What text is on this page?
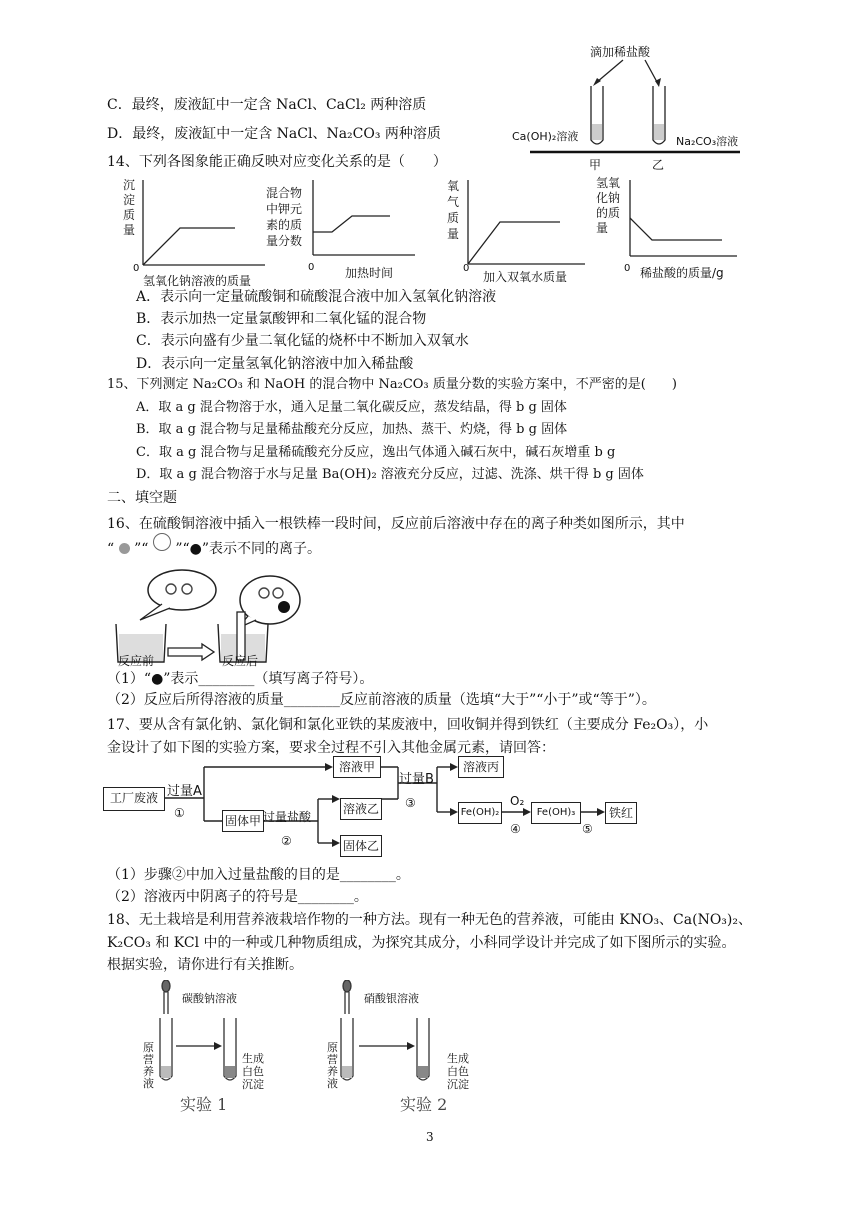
滴加稀盐酸
Ca(OH)₂溶液	Na₂CO₃溶液
甲	乙
C．最终，废液缸中一定含 NaCl、CaCl₂ 两种溶质
D．最终，废液缸中一定含 NaCl、Na₂CO₃ 两种溶质
14、下列各图象能正确反映对应变化关系的是（　　）
沉
淀
质
量
0
氢氧化钠溶液的质量
混合物
中钾元
素的质
量分数
0	加热时间
氧
气
质
量
0
加入双氧水质量
氢氧
化钠
的质
量
0 稀盐酸的质量/g
A．表示向一定量硫酸铜和硫酸混合液中加入氢氧化钠溶液
B．表示加热一定量氯酸钾和二氧化锰的混合物
C．表示向盛有少量二氧化锰的烧杯中不断加入双氧水
D．表示向一定量氢氧化钠溶液中加入稀盐酸
15、下列测定 Na₂CO₃ 和 NaOH 的混合物中 Na₂CO₃ 质量分数的实验方案中，不严密的是(　　)
A．取 a g 混合物溶于水，通入足量二氧化碳反应，蒸发结晶，得 b g 固体
B．取 a g 混合物与足量稀盐酸充分反应，加热、蒸干、灼烧，得 b g 固体
C．取 a g 混合物与足量稀硫酸充分反应，逸出气体通入碱石灰中，碱石灰增重 b g
D．取 a g 混合物溶于水与足量 Ba(OH)₂ 溶液充分反应，过滤、洗涤、烘干得 b g 固体
二、填空题
16、在硫酸铜溶液中插入一根铁棒一段时间，反应前后溶液中存在的离子种类如图所示，其中
“ ”“ ”“●”表示不同的离子。
反应前	反应后
（1）“●”表示________（填写离子符号）。
（2）反应后所得溶液的质量________反应前溶液的质量（选填“大于”“小于”或“等于”）。
17、要从含有氯化钠、氯化铜和氯化亚铁的某废液中，回收铜并得到铁红（主要成分 Fe₂O₃），小
金设计了如下图的实验方案，要求全过程不引入其他金属元素，请回答：
工厂废液 过量A
①
溶液甲
固体甲 过量盐酸
②
溶液乙
固体乙
过量B
③
溶液丙
Fe(OH)₂
O₂
④
Fe(OH)₃
⑤
铁红
（1）步骤②中加入过量盐酸的目的是________。
（2）溶液丙中阴离子的符号是________。
18、无土栽培是利用营养液栽培作物的一种方法。现有一种无色的营养液，可能由 KNO₃、Ca(NO₃)₂、
K₂CO₃ 和 KCl 中的一种或几种物质组成，为探究其成分，小科同学设计并完成了如下图所示的实验。
根据实验，请你进行有关推断。
碳酸钠溶液
原
营
养
液
生成
白色
沉淀
实验 1
硝酸银溶液
原
营
养
液
生成
白色
沉淀
实验 2
3
